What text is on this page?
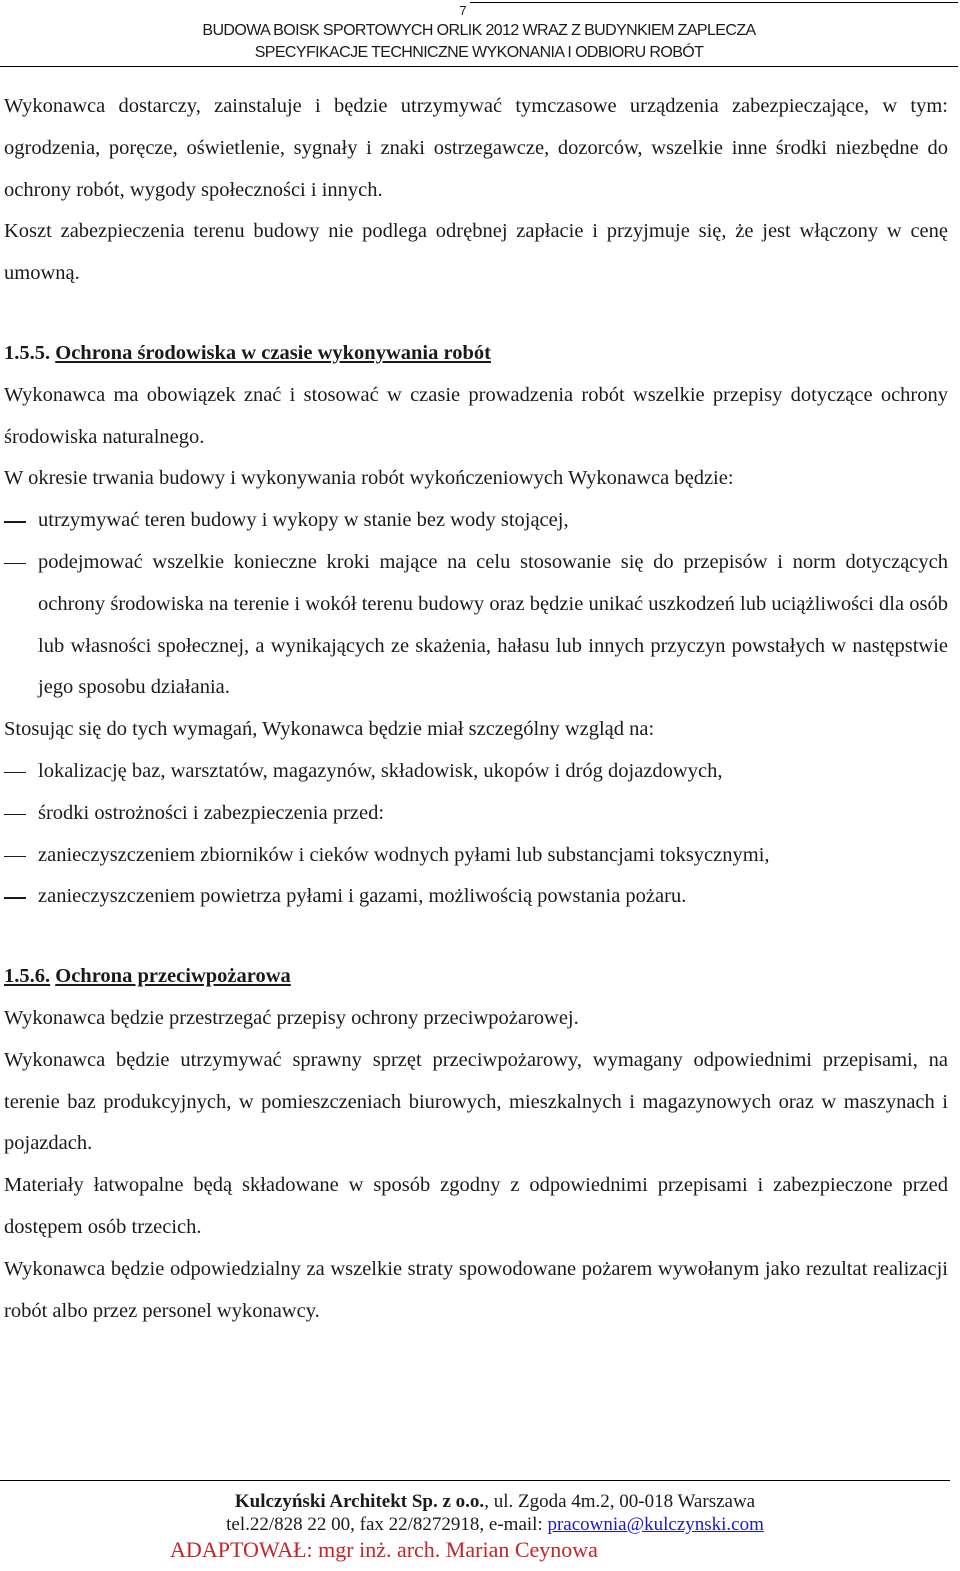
7
BUDOWA BOISK SPORTOWYCH ORLIK 2012 WRAZ Z BUDYNKIEM ZAPLECZA
SPECYFIKACJE TECHNICZNE WYKONANIA I ODBIORU ROBÓT

Wykonawca dostarczy, zainstaluje i będzie utrzymywać tymczasowe urządzenia zabezpieczające, w tym: ogrodzenia, poręcze, oświetlenie, sygnały i znaki ostrzegawcze, dozorców, wszelkie inne środki niezbędne do ochrony robót, wygody społeczności i innych.

Koszt zabezpieczenia terenu budowy nie podlega odrębnej zapłacie i przyjmuje się, że jest włączony w cenę umowną.

1.5.5. Ochrona środowiska w czasie wykonywania robót

Wykonawca ma obowiązek znać i stosować w czasie prowadzenia robót wszelkie przepisy dotyczące ochrony środowiska naturalnego.

W okresie trwania budowy i wykonywania robót wykończeniowych Wykonawca będzie:

utrzymywać teren budowy i wykopy w stanie bez wody stojącej,
podejmować wszelkie konieczne kroki mające na celu stosowanie się do przepisów i norm dotyczących ochrony środowiska na terenie i wokół terenu budowy oraz będzie unikać uszkodzeń lub uciążliwości dla osób lub własności społecznej, a wynikających ze skażenia, hałasu lub innych przyczyn powstałych w następstwie jego sposobu działania.

Stosując się do tych wymagań, Wykonawca będzie miał szczególny wzgląd na:

lokalizację baz, warsztatów, magazynów, składowisk, ukopów i dróg dojazdowych,
środki ostrożności i zabezpieczenia przed:
zanieczyszczeniem zbiorników i cieków wodnych pyłami lub substancjami toksycznymi,
zanieczyszczeniem powietrza pyłami i gazami, możliwością powstania pożaru.

1.5.6. Ochrona przeciwpożarowa

Wykonawca będzie przestrzegać przepisy ochrony przeciwpożarowej.

Wykonawca będzie utrzymywać sprawny sprzęt przeciwpożarowy, wymagany odpowiednimi przepisami, na terenie baz produkcyjnych, w pomieszczeniach biurowych, mieszkalnych i magazynowych oraz w maszynach i pojazdach.

Materiały łatwopalne będą składowane w sposób zgodny z odpowiednimi przepisami i zabezpieczone przed dostępem osób trzecich.

Wykonawca będzie odpowiedzialny za wszelkie straty spowodowane pożarem wywołanym jako rezultat realizacji robót albo przez personel wykonawcy.

Kulczyński Architekt Sp. z o.o., ul. Zgoda 4m.2, 00-018 Warszawa
tel.22/828 22 00, fax 22/8272918, e-mail: pracownia@kulczynski.com
ADAPTOWAŁ: mgr inż. arch. Marian Ceynowa
